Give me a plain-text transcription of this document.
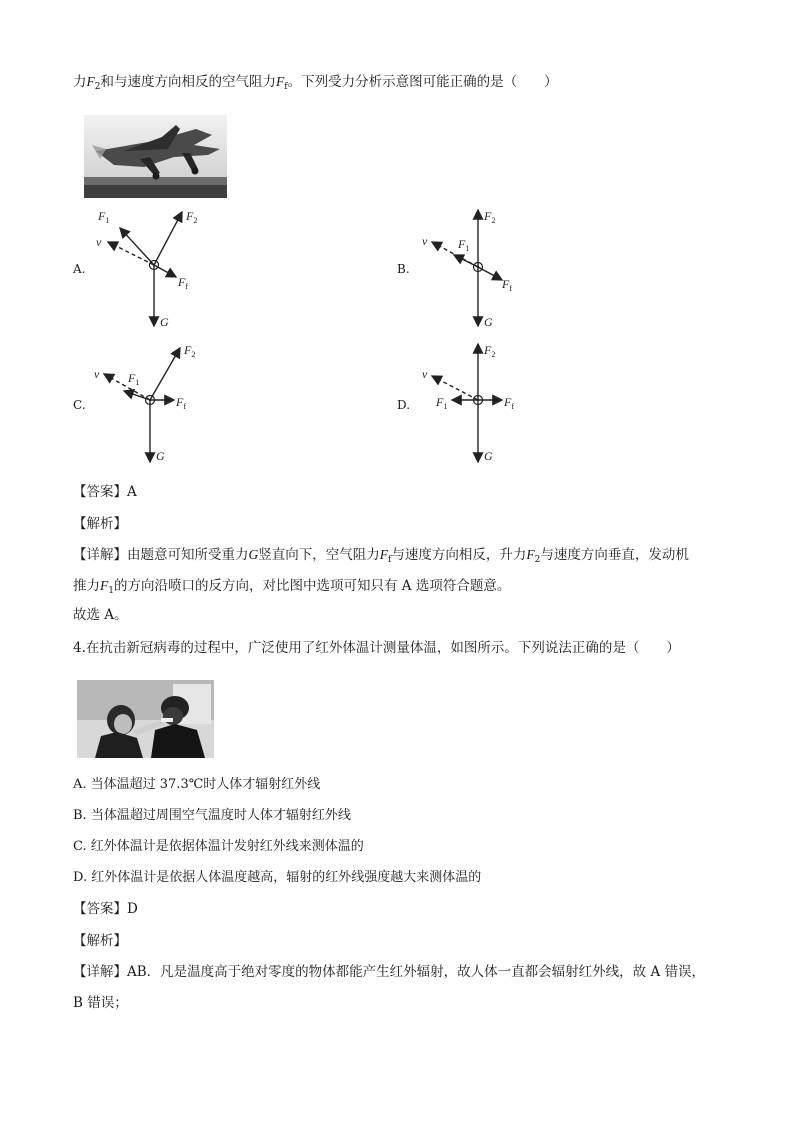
力$F_2$和与速度方向相反的空气阻力$F_f$。下列受力分析示意图可能正确的是（　　）
A.
$F_1$	$F_2$
v
$F_f$
G
B.
$F_2$
$F_1$
v
$F_f$
G
C.
$F_2$
$F_1$
v
$F_f$
G
D.
$F_2$
$F_1$
v
$F_f$
G
【答案】A
【解析】
【详解】由题意可知所受重力G竖直向下，空气阻力$F_f$与速度方向相反，升力$F_2$与速度方向垂直，发动机
推力$F_1$的方向沿喷口的反方向，对比图中选项可知只有 A 选项符合题意。
故选 A。
4.在抗击新冠病毒的过程中，广泛使用了红外体温计测量体温，如图所示。下列说法正确的是（　　）
A. 当体温超过 37.3℃时人体才辐射红外线
B. 当体温超过周围空气温度时人体才辐射红外线
C. 红外体温计是依据体温计发射红外线来测体温的
D. 红外体温计是依据人体温度越高，辐射的红外线强度越大来测体温的
【答案】D
【解析】
【详解】AB．凡是温度高于绝对零度的物体都能产生红外辐射，故人体一直都会辐射红外线，故 A 错误，
B 错误；
